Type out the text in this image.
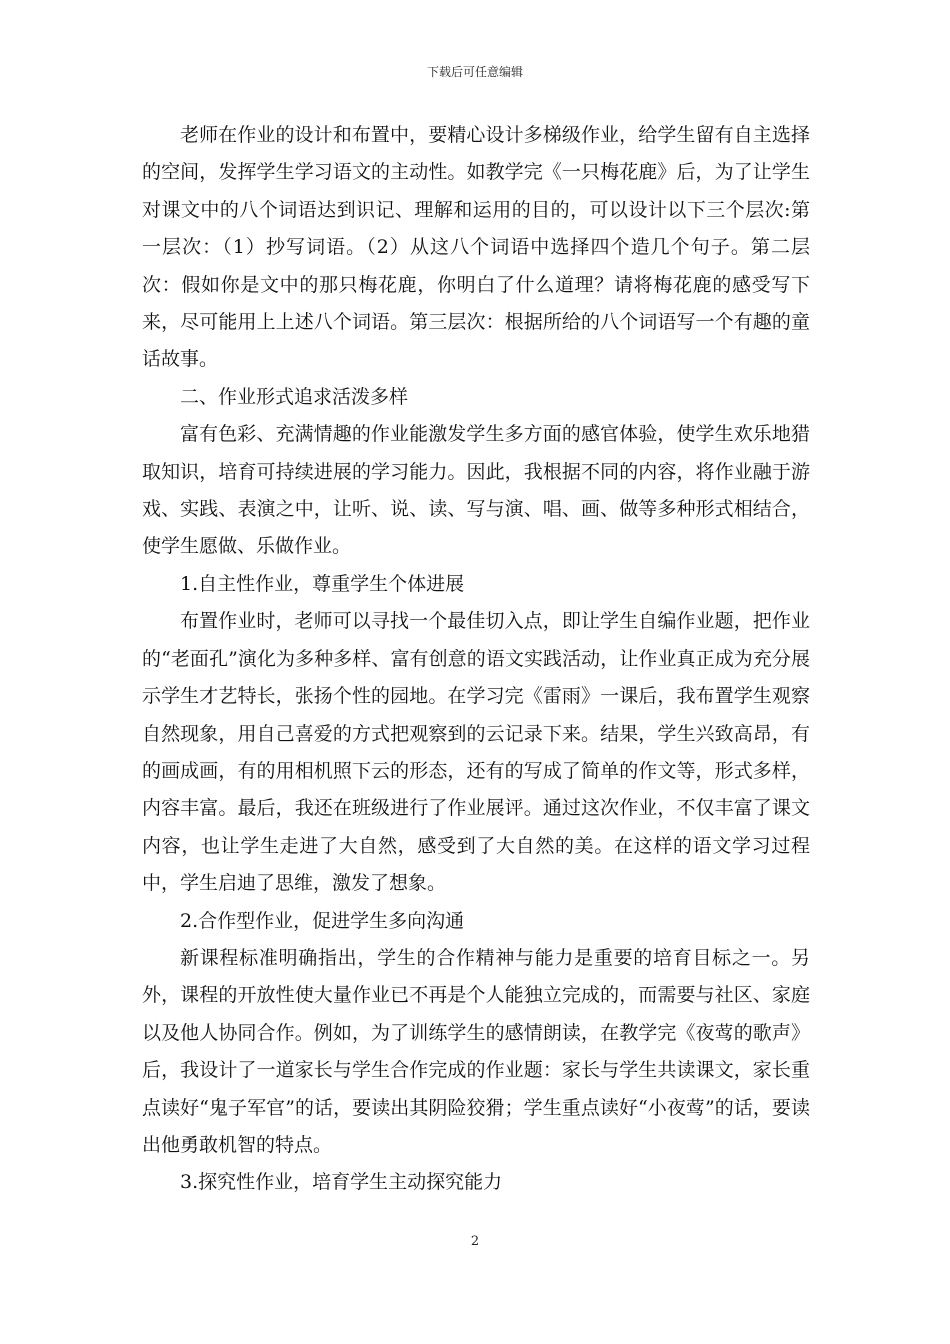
下载后可任意编辑

老师在作业的设计和布置中，要精心设计多梯级作业，给学生留有自主选择的空间，发挥学生学习语文的主动性。如教学完《一只梅花鹿》后，为了让学生对课文中的八个词语达到识记、理解和运用的目的，可以设计以下三个层次:第一层次：（1）抄写词语。（2）从这八个词语中选择四个造几个句子。第二层次：假如你是文中的那只梅花鹿，你明白了什么道理？请将梅花鹿的感受写下来，尽可能用上上述八个词语。第三层次：根据所给的八个词语写一个有趣的童话故事。

二、作业形式追求活泼多样

富有色彩、充满情趣的作业能激发学生多方面的感官体验，使学生欢乐地猎取知识，培育可持续进展的学习能力。因此，我根据不同的内容，将作业融于游戏、实践、表演之中，让听、说、读、写与演、唱、画、做等多种形式相结合，使学生愿做、乐做作业。

1.自主性作业，尊重学生个体进展

布置作业时，老师可以寻找一个最佳切入点，即让学生自编作业题，把作业的“老面孔”演化为多种多样、富有创意的语文实践活动，让作业真正成为充分展示学生才艺特长，张扬个性的园地。在学习完《雷雨》一课后，我布置学生观察自然现象，用自己喜爱的方式把观察到的云记录下来。结果，学生兴致高昂，有的画成画，有的用相机照下云的形态，还有的写成了简单的作文等，形式多样，内容丰富。最后，我还在班级进行了作业展评。通过这次作业，不仅丰富了课文内容，也让学生走进了大自然，感受到了大自然的美。在这样的语文学习过程中，学生启迪了思维，激发了想象。

2.合作型作业，促进学生多向沟通

新课程标准明确指出，学生的合作精神与能力是重要的培育目标之一。另外，课程的开放性使大量作业已不再是个人能独立完成的，而需要与社区、家庭以及他人协同合作。例如，为了训练学生的感情朗读，在教学完《夜莺的歌声》后，我设计了一道家长与学生合作完成的作业题：家长与学生共读课文，家长重点读好“鬼子军官”的话，要读出其阴险狡猾；学生重点读好“小夜莺”的话，要读出他勇敢机智的特点。

3.探究性作业，培育学生主动探究能力

2
